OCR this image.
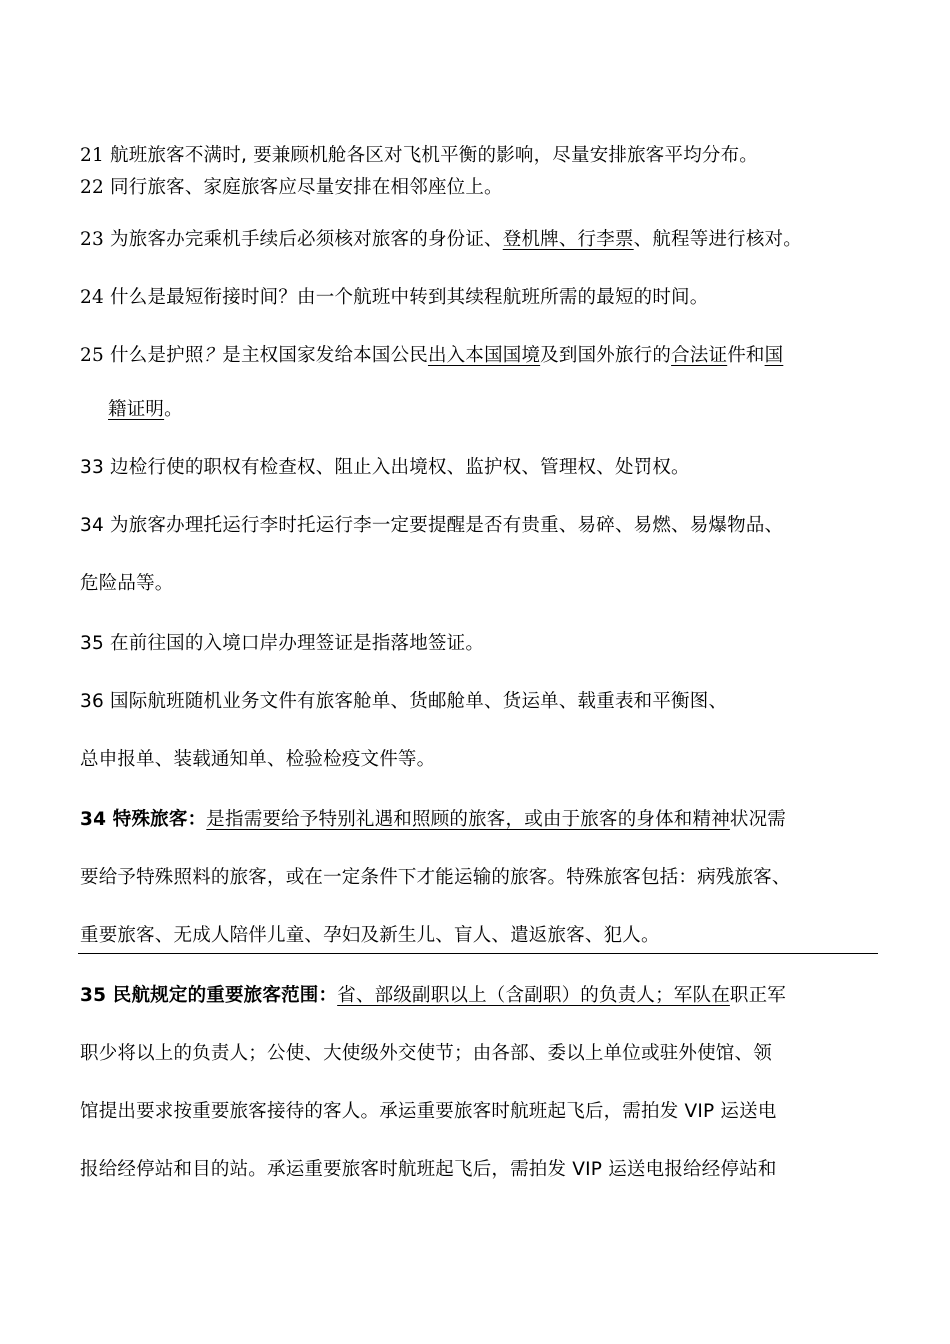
21 航班旅客不满时, 要兼顾机舱各区对飞机平衡的影响，尽量安排旅客平均分布。
22 同行旅客、家庭旅客应尽量安排在相邻座位上。
23 为旅客办完乘机手续后必须核对旅客的身份证、登机牌、行李票、航程等进行核对。
24 什么是最短衔接时间？由一个航班中转到其续程航班所需的最短的时间。
25 什么是护照？是主权国家发给本国公民出入本国国境及到国外旅行的合法证件和国
籍证明。
33 边检行使的职权有检查权、阻止入出境权、监护权、管理权、处罚权。
34 为旅客办理托运行李时托运行李一定要提醒是否有贵重、易碎、易燃、易爆物品、
危险品等。
35 在前往国的入境口岸办理签证是指落地签证。
36 国际航班随机业务文件有旅客舱单、货邮舱单、货运单、载重表和平衡图、
总申报单、装载通知单、检验检疫文件等。
34 特殊旅客：是指需要给予特别礼遇和照顾的旅客，或由于旅客的身体和精神状况需
要给予特殊照料的旅客，或在一定条件下才能运输的旅客。特殊旅客包括：病残旅客、
重要旅客、无成人陪伴儿童、孕妇及新生儿、盲人、遣返旅客、犯人。
35 民航规定的重要旅客范围：省、部级副职以上（含副职）的负责人；军队在职正军
职少将以上的负责人；公使、大使级外交使节；由各部、委以上单位或驻外使馆、领
馆提出要求按重要旅客接待的客人。承运重要旅客时航班起飞后，需拍发 VIP 运送电
报给经停站和目的站。承运重要旅客时航班起飞后，需拍发 VIP 运送电报给经停站和
